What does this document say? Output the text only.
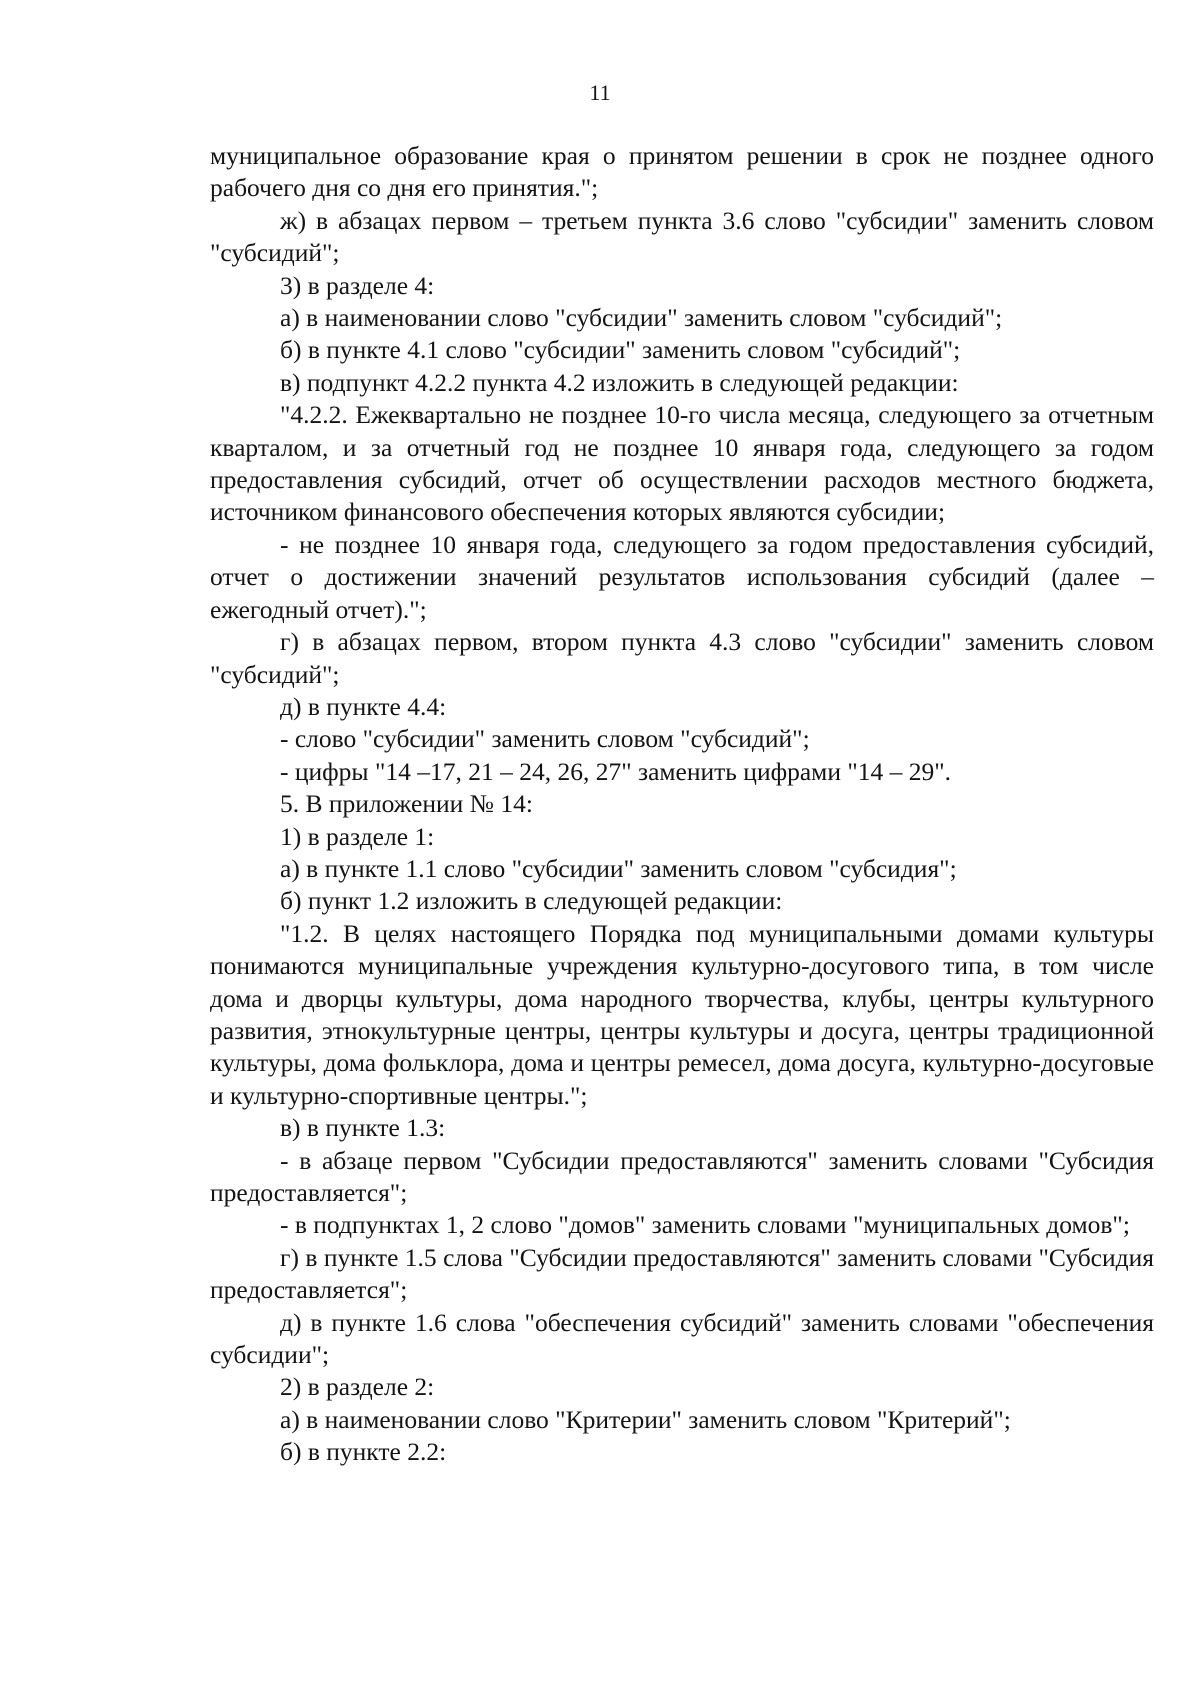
11

муниципальное образование края о принятом решении в срок не позднее одного рабочего дня со дня его принятия.";

ж) в абзацах первом – третьем пункта 3.6 слово "субсидии" заменить словом "субсидий";

3) в разделе 4:

а) в наименовании слово "субсидии" заменить словом "субсидий";

б) в пункте 4.1 слово "субсидии" заменить словом "субсидий";

в) подпункт 4.2.2 пункта 4.2 изложить в следующей редакции:

"4.2.2. Ежеквартально не позднее 10-го числа месяца, следующего за отчетным кварталом, и за отчетный год не позднее 10 января года, следующего за годом предоставления субсидий, отчет об осуществлении расходов местного бюджета, источником финансового обеспечения которых являются субсидии;

- не позднее 10 января года, следующего за годом предоставления субсидий, отчет о достижении значений результатов использования субсидий (далее – ежегодный отчет).";

г) в абзацах первом, втором пункта 4.3 слово "субсидии" заменить словом "субсидий";

д) в пункте 4.4:

- слово "субсидии" заменить словом "субсидий";

- цифры "14 –17, 21 – 24, 26, 27" заменить цифрами "14 – 29".

5. В приложении № 14:

1) в разделе 1:

а) в пункте 1.1 слово "субсидии" заменить словом "субсидия";

б) пункт 1.2 изложить в следующей редакции:

"1.2. В целях настоящего Порядка под муниципальными домами культуры понимаются муниципальные учреждения культурно-досугового типа, в том числе дома и дворцы культуры, дома народного творчества, клубы, центры культурного развития, этнокультурные центры, центры культуры и досуга, центры традиционной культуры, дома фольклора, дома и центры ремесел, дома досуга, культурно-досуговые и культурно-спортивные центры.";

в) в пункте 1.3:

- в абзаце первом "Субсидии предоставляются" заменить словами "Субсидия предоставляется";

- в подпунктах 1, 2 слово "домов" заменить словами "муниципальных домов";

г) в пункте 1.5 слова "Субсидии предоставляются" заменить словами "Субсидия предоставляется";

д) в пункте 1.6 слова "обеспечения субсидий" заменить словами "обеспечения субсидии";

2) в разделе 2:

а) в наименовании слово "Критерии" заменить словом "Критерий";

б) в пункте 2.2:
